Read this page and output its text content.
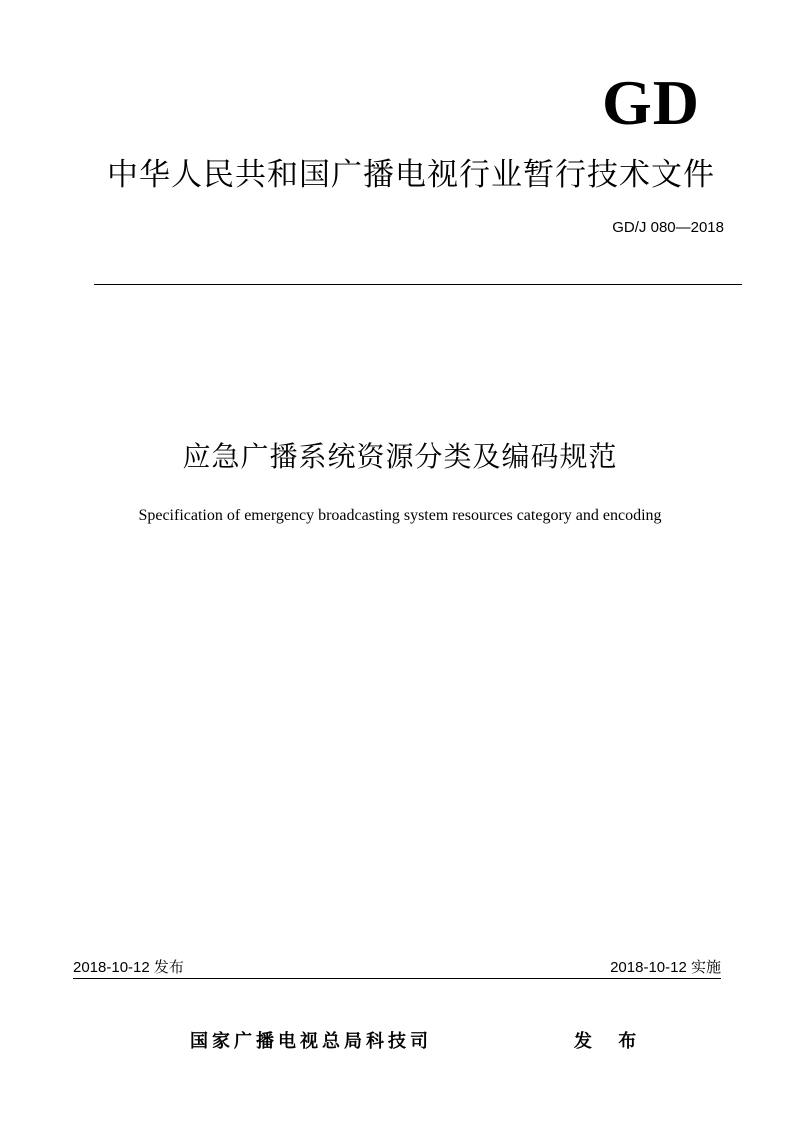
GD
中华人民共和国广播电视行业暂行技术文件
GD/J 080—2018
应急广播系统资源分类及编码规范
Specification of emergency broadcasting system resources category and encoding
2018-10-12 发布	2018-10-12 实施
国家广播电视总局科技司	发 布
